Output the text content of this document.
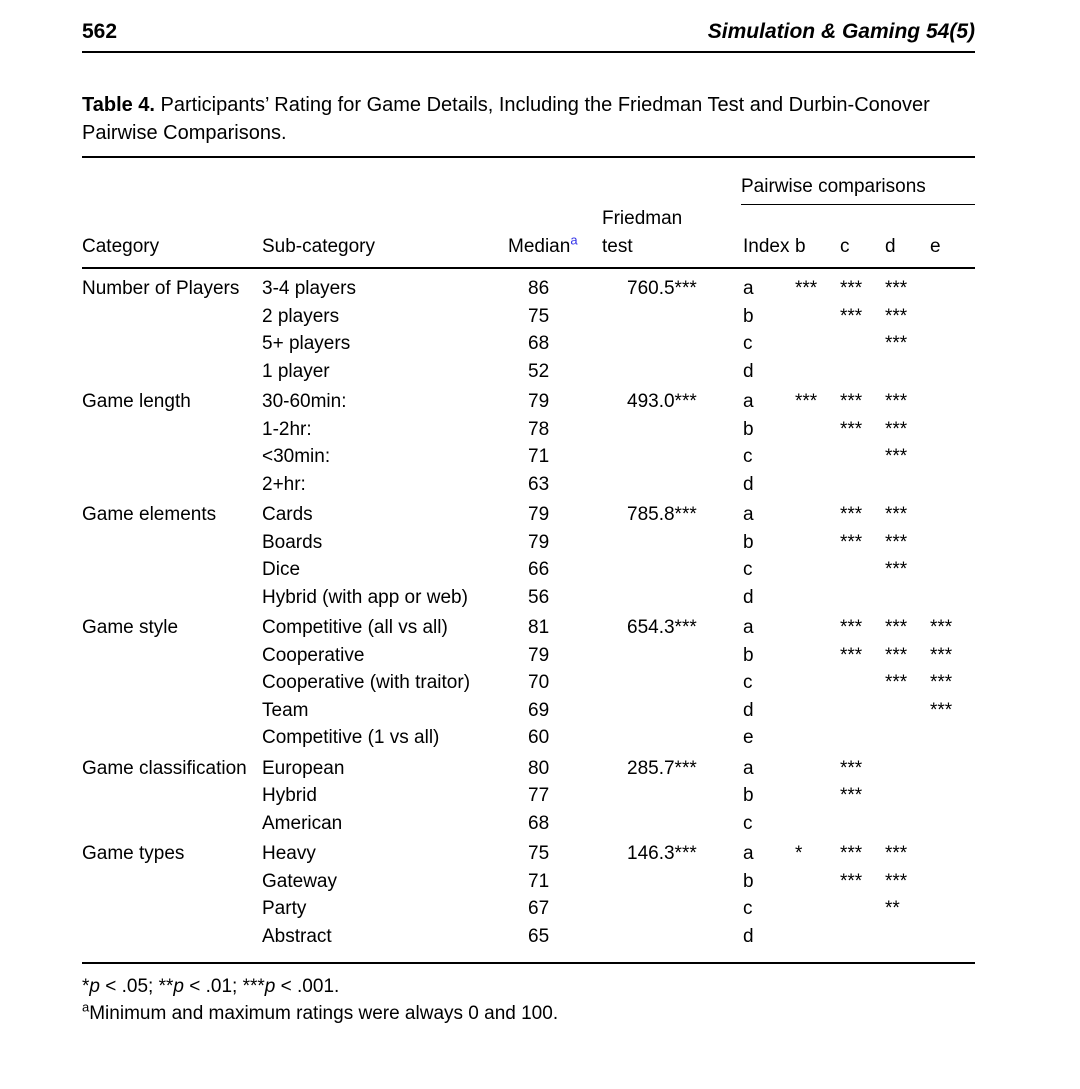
562	Simulation & Gaming 54(5)

Table 4. Participants’ Rating for Game Details, Including the Friedman Test and Durbin-Conover Pairwise Comparisons.

				Pairwise comparisons				

Category	Sub-category	Median$^a$	Friedman test	Index	b	c	d	e
Number of Players	3-4 players	86	760.5***	a	***	***	***	
	2 players	75		b		***	***	
	5+ players	68		c			***	
	1 player	52		d				
Game length	30-60min:	79	493.0***	a	***	***	***	
	1-2hr:	78		b		***	***	
	<30min:	71		c			***	
	2+hr:	63		d				
Game elements	Cards	79	785.8***	a		***	***	
	Boards	79		b		***	***	
	Dice	66		c			***	
	Hybrid (with app or web)	56		d				
Game style	Competitive (all vs all)	81	654.3***	a		***	***	***
	Cooperative	79		b		***	***	***
	Cooperative (with traitor)	70		c			***	***
	Team	69		d				***
	Competitive (1 vs all)	60		e				
Game classification	European	80	285.7***	a		***		
	Hybrid	77		b		***		
	American	68		c				
Game types	Heavy	75	146.3***	a	*	***	***	
	Gateway	71		b		***	***	
	Party	67		c			**	
	Abstract	65		d				
*p < .05; **p < .01; ***p < .001.
$^a$Minimum and maximum ratings were always 0 and 100.
